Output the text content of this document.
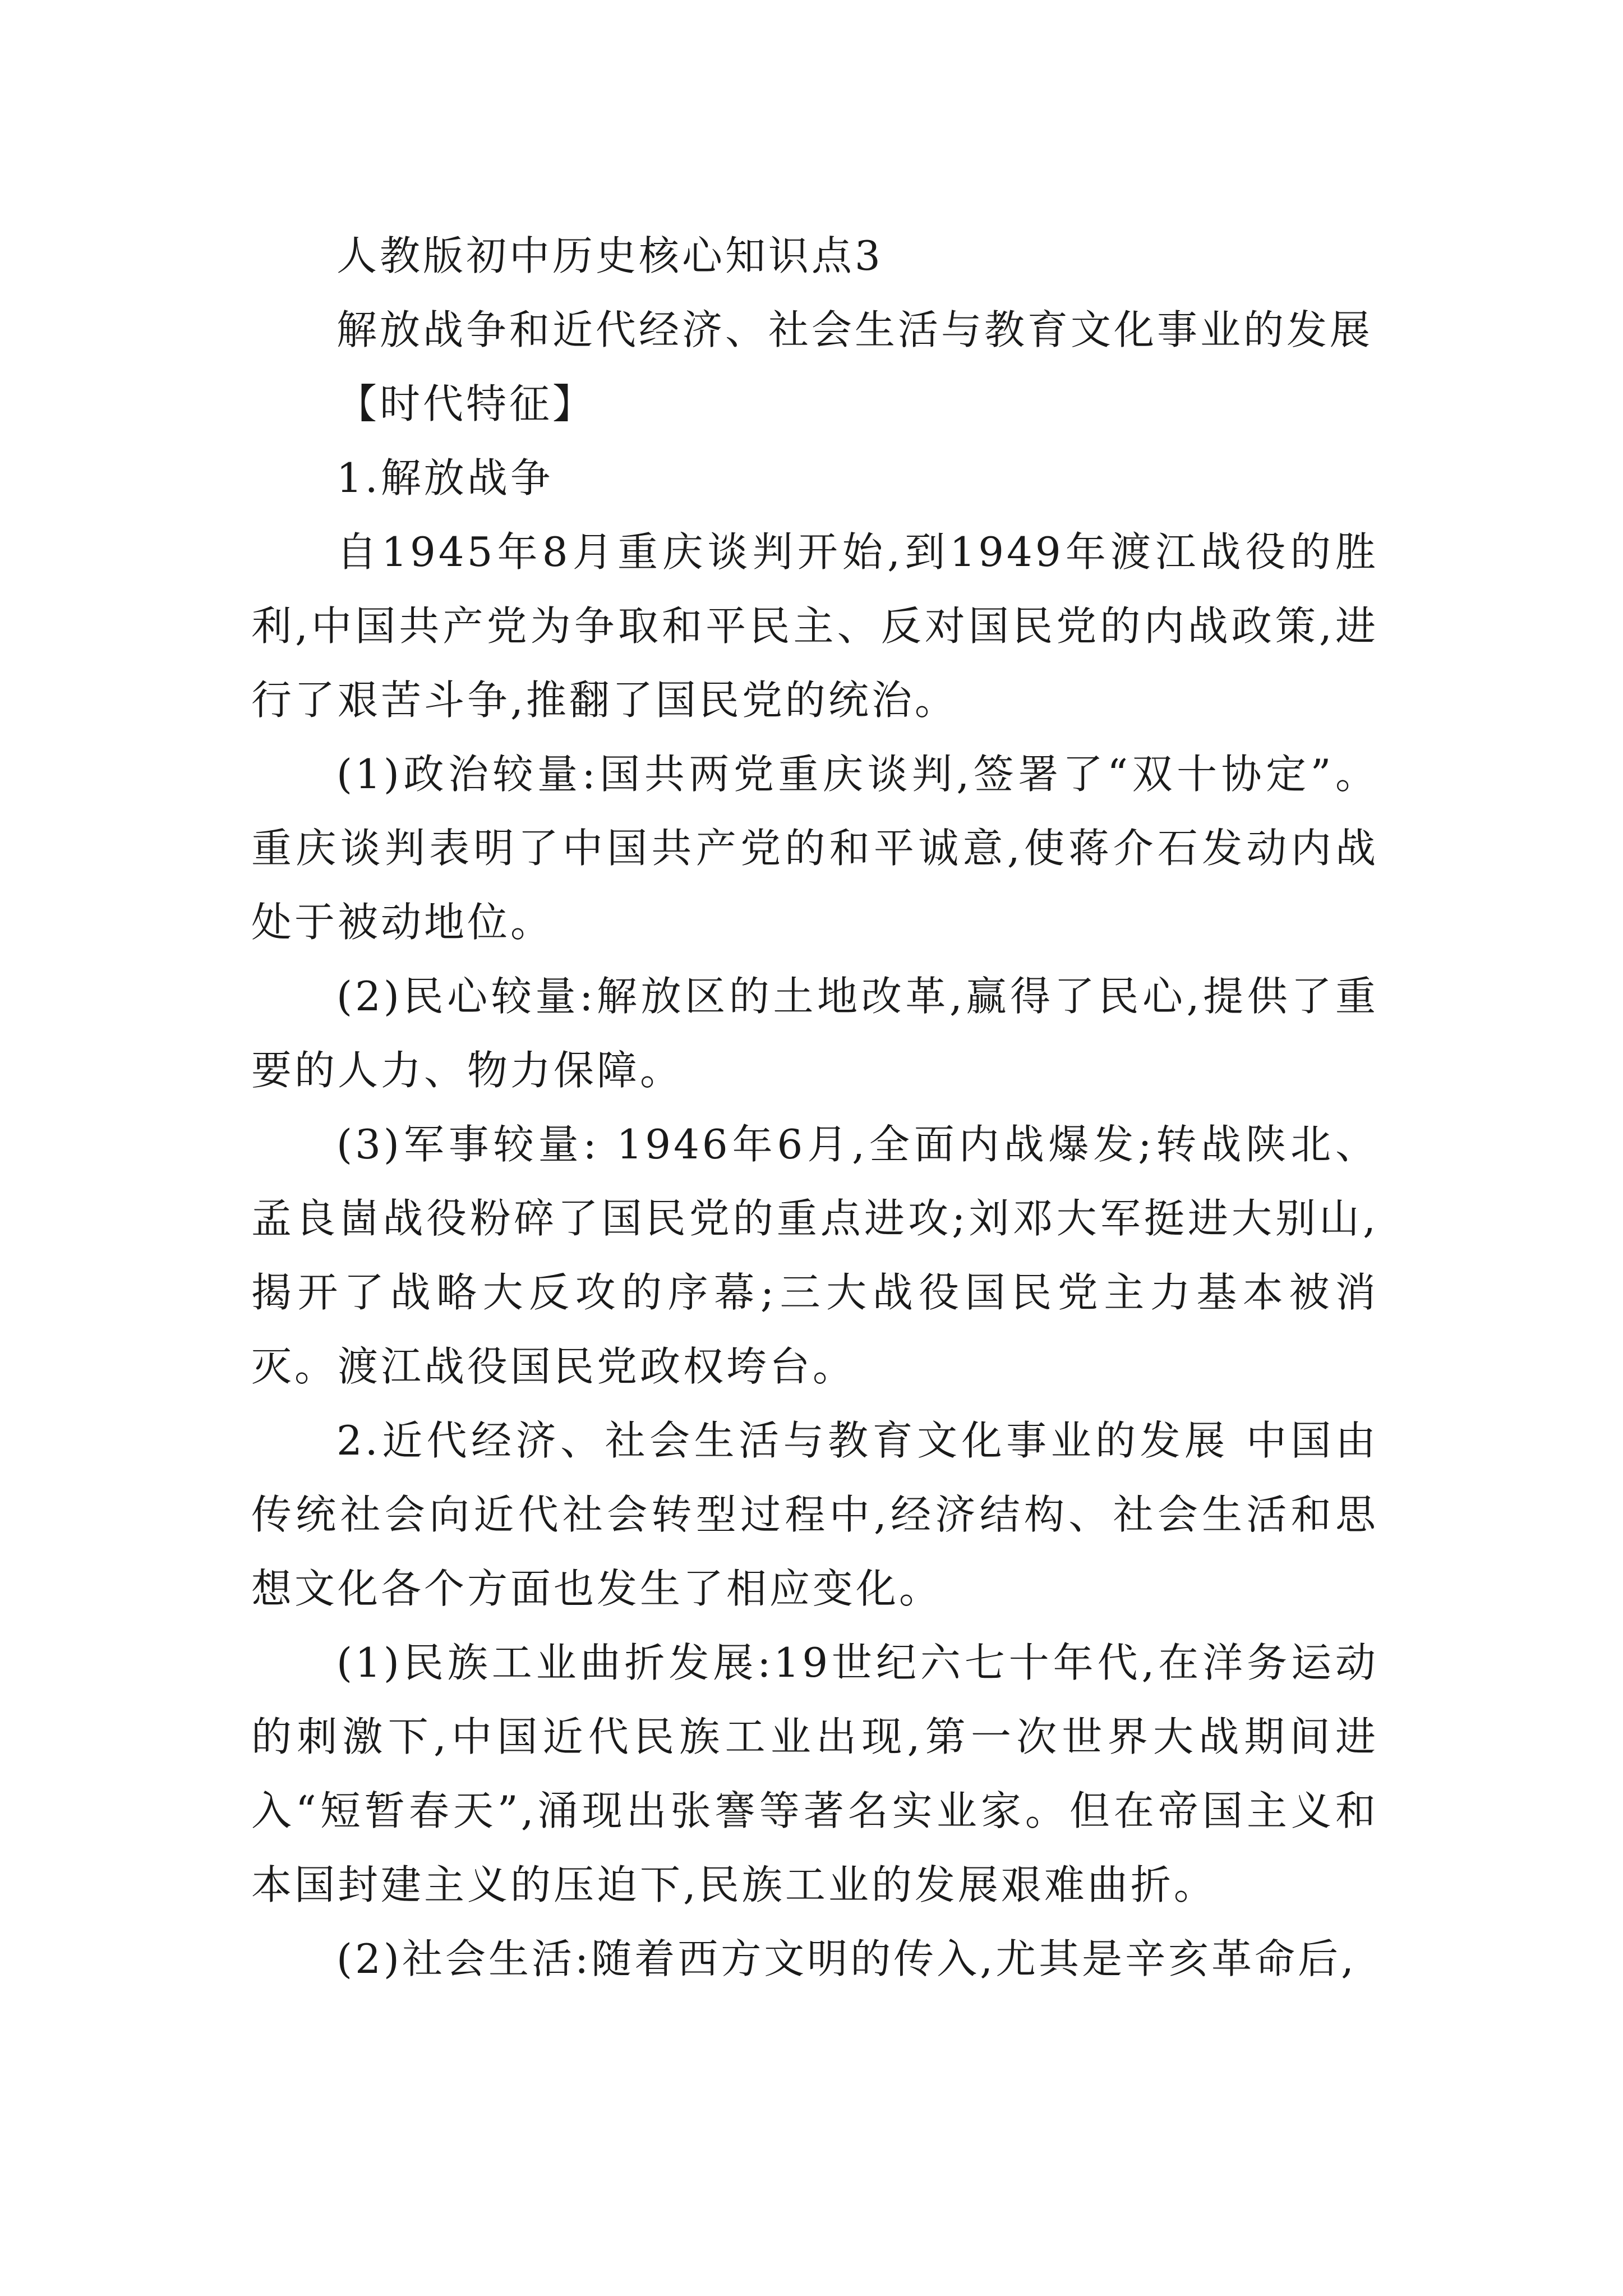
人教版初中历史核心知识点3

解放战争和近代经济、社会生活与教育文化事业的发展

【时代特征】

1.解放战争

自1945年8月重庆谈判开始,到1949年渡江战役的胜利,中国共产党为争取和平民主、反对国民党的内战政策,进行了艰苦斗争,推翻了国民党的统治。

(1)政治较量:国共两党重庆谈判,签署了“双十协定”。重庆谈判表明了中国共产党的和平诚意,使蒋介石发动内战处于被动地位。

(2)民心较量:解放区的土地改革,赢得了民心,提供了重要的人力、物力保障。

(3)军事较量: 1946年6月,全面内战爆发;转战陕北、孟良崮战役粉碎了国民党的重点进攻;刘邓大军挺进大别山,揭开了战略大反攻的序幕;三大战役国民党主力基本被消灭。渡江战役国民党政权垮台。

2.近代经济、社会生活与教育文化事业的发展 中国由传统社会向近代社会转型过程中,经济结构、社会生活和思想文化各个方面也发生了相应变化。

(1)民族工业曲折发展:19世纪六七十年代,在洋务运动的刺激下,中国近代民族工业出现,第一次世界大战期间进入“短暂春天”,涌现出张謇等著名实业家。但在帝国主义和本国封建主义的压迫下,民族工业的发展艰难曲折。

(2)社会生活:随着西方文明的传入,尤其是辛亥革命后,
